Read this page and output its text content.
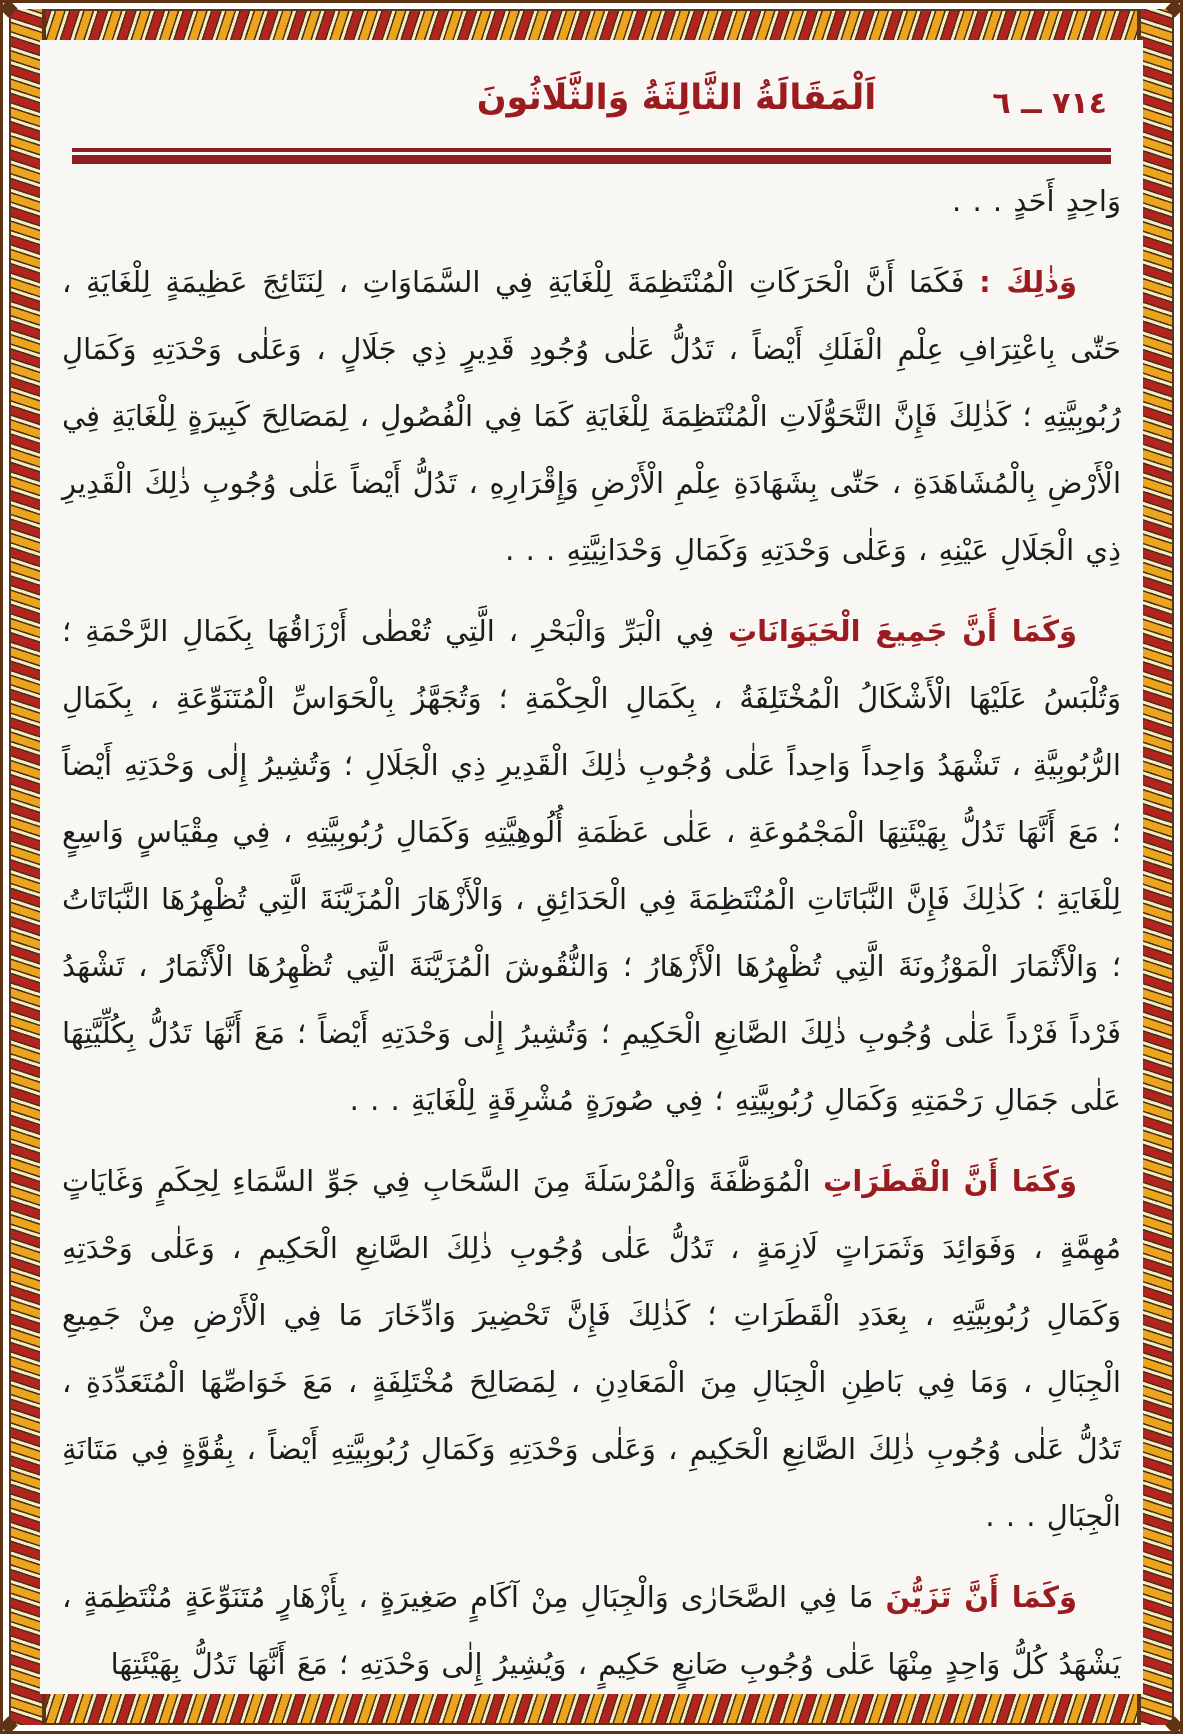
اَلْمَقَالَةُ الثَّالِثَةُ وَالثَّلَاثُونَ	٧١٤ ــ ٦

وَاحِدٍ أَحَدٍ . . .

وَذٰلِكَ : فَكَمَا أَنَّ الْحَرَكَاتِ الْمُنْتَظِمَةَ لِلْغَايَةِ فِي السَّمَاوَاتِ ، لِنَتَائِجَ عَظِيمَةٍ لِلْغَايَةِ ، حَتّٰى بِاعْتِرَافِ عِلْمِ الْفَلَكِ أَيْضاً ، تَدُلُّ عَلٰى وُجُودِ قَدِيرٍ ذِي جَلَالٍ ، وَعَلٰى وَحْدَتِهِ وَكَمَالِ رُبُوبِيَّتِهِ ؛ كَذٰلِكَ فَإِنَّ التَّحَوُّلَاتِ الْمُنْتَظِمَةَ لِلْغَايَةِ كَمَا فِي الْفُصُولِ ، لِمَصَالِحَ كَبِيرَةٍ لِلْغَايَةِ فِي الْأَرْضِ بِالْمُشَاهَدَةِ ، حَتّٰى بِشَهَادَةِ عِلْمِ الْأَرْضِ وَإِقْرَارِهِ ، تَدُلُّ أَيْضاً عَلٰى وُجُوبِ ذٰلِكَ الْقَدِيرِ ذِي الْجَلَالِ عَيْنِهِ ، وَعَلٰى وَحْدَتِهِ وَكَمَالِ وَحْدَانِيَّتِهِ . . .

وَكَمَا أَنَّ جَمِيعَ الْحَيَوَانَاتِ فِي الْبَرِّ وَالْبَحْرِ ، الَّتِي تُعْطٰى أَرْزَاقُهَا بِكَمَالِ الرَّحْمَةِ ؛ وَتُلْبَسُ عَلَيْهَا الْأَشْكَالُ الْمُخْتَلِفَةُ ، بِكَمَالِ الْحِكْمَةِ ؛ وَتُجَهَّزُ بِالْحَوَاسِّ الْمُتَنَوِّعَةِ ، بِكَمَالِ الرُّبُوبِيَّةِ ، تَشْهَدُ وَاحِداً وَاحِداً عَلٰى وُجُوبِ ذٰلِكَ الْقَدِيرِ ذِي الْجَلَالِ ؛ وَتُشِيرُ إِلٰى وَحْدَتِهِ أَيْضاً ؛ مَعَ أَنَّهَا تَدُلُّ بِهَيْئَتِهَا الْمَجْمُوعَةِ ، عَلٰى عَظَمَةِ أُلُوهِيَّتِهِ وَكَمَالِ رُبُوبِيَّتِهِ ، فِي مِقْيَاسٍ وَاسِعٍ لِلْغَايَةِ ؛ كَذٰلِكَ فَإِنَّ النَّبَاتَاتِ الْمُنْتَظِمَةَ فِي الْحَدَائِقِ ، وَالْأَزْهَارَ الْمُزَيَّنَةَ الَّتِي تُظْهِرُهَا النَّبَاتَاتُ ؛ وَالْأَثْمَارَ الْمَوْزُونَةَ الَّتِي تُظْهِرُهَا الْأَزْهَارُ ؛ وَالنُّقُوشَ الْمُزَيَّنَةَ الَّتِي تُظْهِرُهَا الْأَثْمَارُ ، تَشْهَدُ فَرْداً فَرْداً عَلٰى وُجُوبِ ذٰلِكَ الصَّانِعِ الْحَكِيمِ ؛ وَتُشِيرُ إِلٰى وَحْدَتِهِ أَيْضاً ؛ مَعَ أَنَّهَا تَدُلُّ بِكُلِّيَّتِهَا عَلٰى جَمَالِ رَحْمَتِهِ وَكَمَالِ رُبُوبِيَّتِهِ ؛ فِي صُورَةٍ مُشْرِقَةٍ لِلْغَايَةِ . . .

وَكَمَا أَنَّ الْقَطَرَاتِ الْمُوَظَّفَةَ وَالْمُرْسَلَةَ مِنَ السَّحَابِ فِي جَوِّ السَّمَاءِ لِحِكَمٍ وَغَايَاتٍ مُهِمَّةٍ ، وَفَوَائِدَ وَثَمَرَاتٍ لَازِمَةٍ ، تَدُلُّ عَلٰى وُجُوبِ ذٰلِكَ الصَّانِعِ الْحَكِيمِ ، وَعَلٰى وَحْدَتِهِ وَكَمَالِ رُبُوبِيَّتِهِ ، بِعَدَدِ الْقَطَرَاتِ ؛ كَذٰلِكَ فَإِنَّ تَحْضِيرَ وَادِّخَارَ مَا فِي الْأَرْضِ مِنْ جَمِيعِ الْجِبَالِ ، وَمَا فِي بَاطِنِ الْجِبَالِ مِنَ الْمَعَادِنِ ، لِمَصَالِحَ مُخْتَلِفَةٍ ، مَعَ خَوَاصِّهَا الْمُتَعَدِّدَةِ ، تَدُلُّ عَلٰى وُجُوبِ ذٰلِكَ الصَّانِعِ الْحَكِيمِ ، وَعَلٰى وَحْدَتِهِ وَكَمَالِ رُبُوبِيَّتِهِ أَيْضاً ، بِقُوَّةٍ فِي مَتَانَةِ الْجِبَالِ . . .

وَكَمَا أَنَّ تَزَيُّنَ مَا فِي الصَّحَارٰى وَالْجِبَالِ مِنْ آكَامٍ صَغِيرَةٍ ، بِأَزْهَارٍ مُتَنَوِّعَةٍ مُنْتَظِمَةٍ ، يَشْهَدُ كُلُّ وَاحِدٍ مِنْهَا عَلٰى وُجُوبِ صَانِعٍ حَكِيمٍ ، وَيُشِيرُ إِلٰى وَحْدَتِهِ ؛ مَعَ أَنَّهَا تَدُلُّ بِهَيْئَتِهَا
